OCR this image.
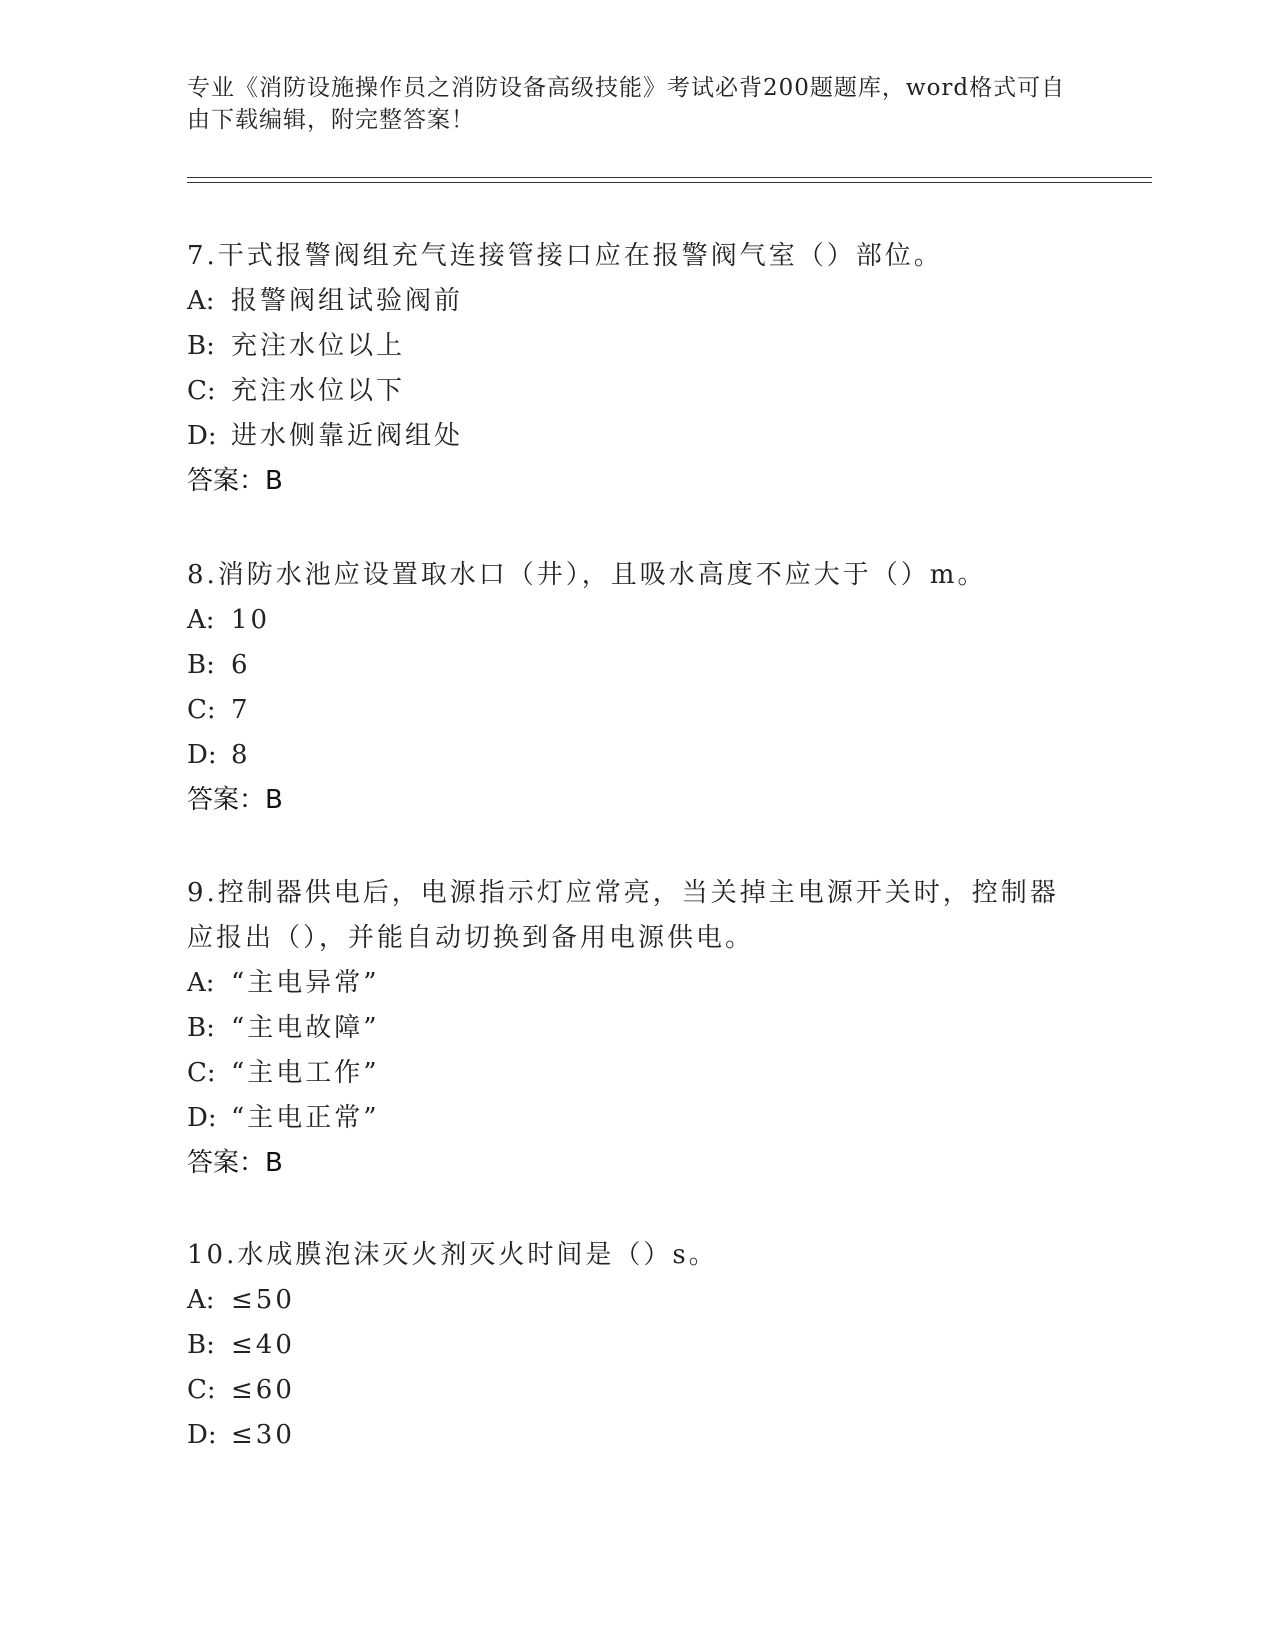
专业《消防设施操作员之消防设备高级技能》考试必背200题题库，word格式可自由下载编辑，附完整答案！

7.干式报警阀组充气连接管接口应在报警阀气室（）部位。

A: 报警阀组试验阀前

B: 充注水位以上

C: 充注水位以下

D: 进水侧靠近阀组处

答案：B

8.消防水池应设置取水口（井），且吸水高度不应大于（）m。

A: 10

B: 6

C: 7

D: 8

答案：B

9.控制器供电后，电源指示灯应常亮，当关掉主电源开关时，控制器应报出（），并能自动切换到备用电源供电。

A: “主电异常”

B: “主电故障”

C: “主电工作”

D: “主电正常”

答案：B

10.水成膜泡沫灭火剂灭火时间是（）s。

A: ≤50

B: ≤40

C: ≤60

D: ≤30
